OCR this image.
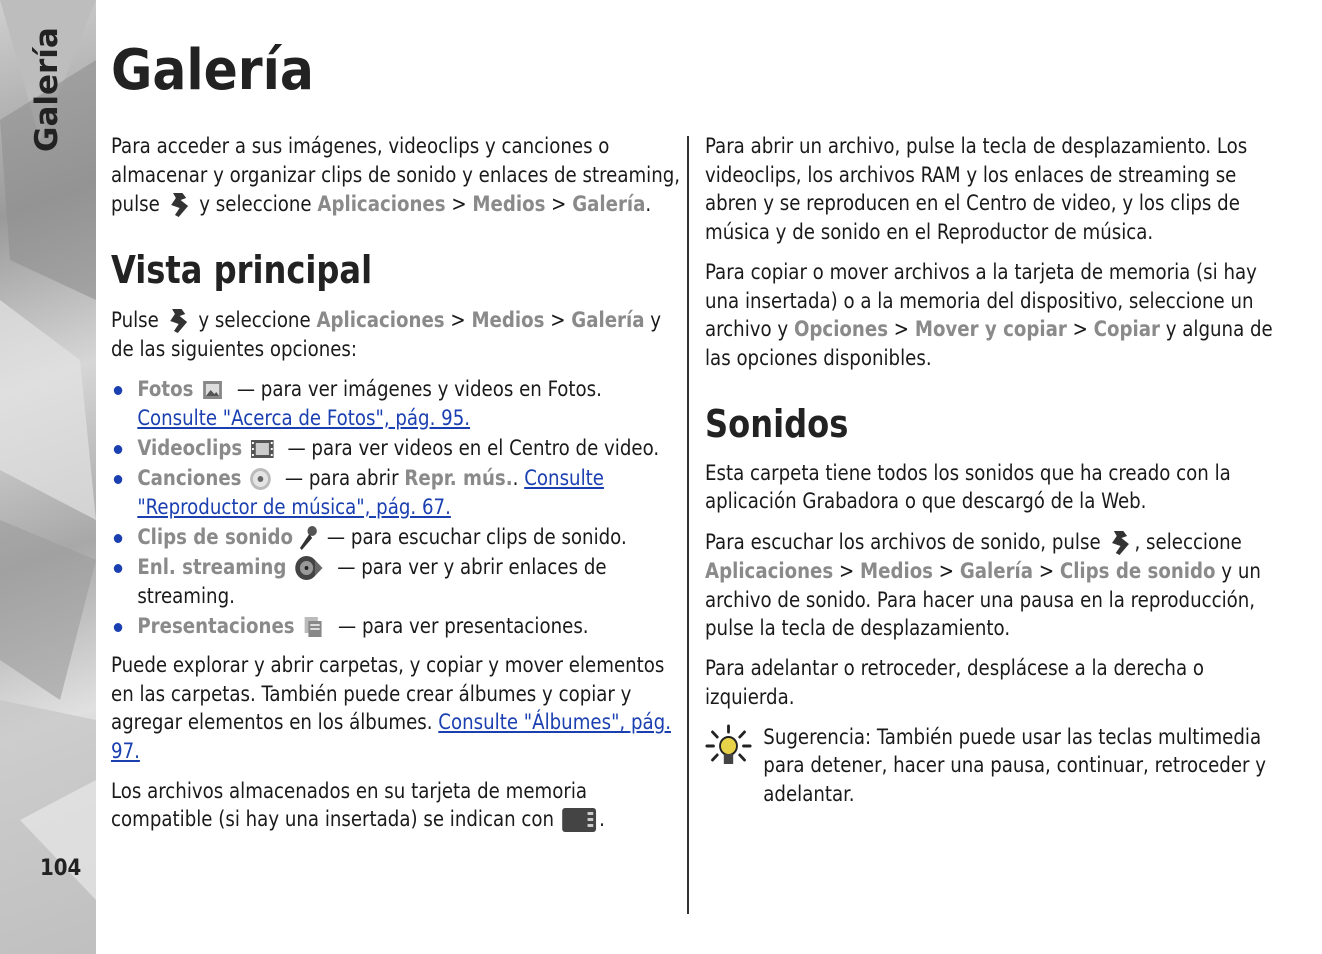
Galería
104
Galería

Para acceder a sus imágenes, videoclips y canciones o almacenar y organizar clips de sonido y enlaces de streaming, pulse y seleccione Aplicaciones > Medios > Galería.

Vista principal

Pulse y seleccione Aplicaciones > Medios > Galería y de las siguientes opciones:

Fotos — para ver imágenes y videos en Fotos. Consulte "Acerca de Fotos", pág. 95.
Videoclips — para ver videos en el Centro de video.
Canciones — para abrir Repr. mús.. Consulte "Reproductor de música", pág. 67.
Clips de sonido — para escuchar clips de sonido.
Enl. streaming — para ver y abrir enlaces de streaming.
Presentaciones — para ver presentaciones.

Puede explorar y abrir carpetas, y copiar y mover elementos en las carpetas. También puede crear álbumes y copiar y agregar elementos en los álbumes. Consulte "Álbumes", pág. 97.

Los archivos almacenados en su tarjeta de memoria compatible (si hay una insertada) se indican con .

Para abrir un archivo, pulse la tecla de desplazamiento. Los videoclips, los archivos RAM y los enlaces de streaming se abren y se reproducen en el Centro de video, y los clips de música y de sonido en el Reproductor de música.

Para copiar o mover archivos a la tarjeta de memoria (si hay una insertada) o a la memoria del dispositivo, seleccione un archivo y Opciones > Mover y copiar > Copiar y alguna de las opciones disponibles.

Sonidos

Esta carpeta tiene todos los sonidos que ha creado con la aplicación Grabadora o que descargó de la Web.

Para escuchar los archivos de sonido, pulse , seleccione Aplicaciones > Medios > Galería > Clips de sonido y un archivo de sonido. Para hacer una pausa en la reproducción, pulse la tecla de desplazamiento.

Para adelantar o retroceder, desplácese a la derecha o izquierda.

Sugerencia: También puede usar las teclas multimedia para detener, hacer una pausa, continuar, retroceder y adelantar.
